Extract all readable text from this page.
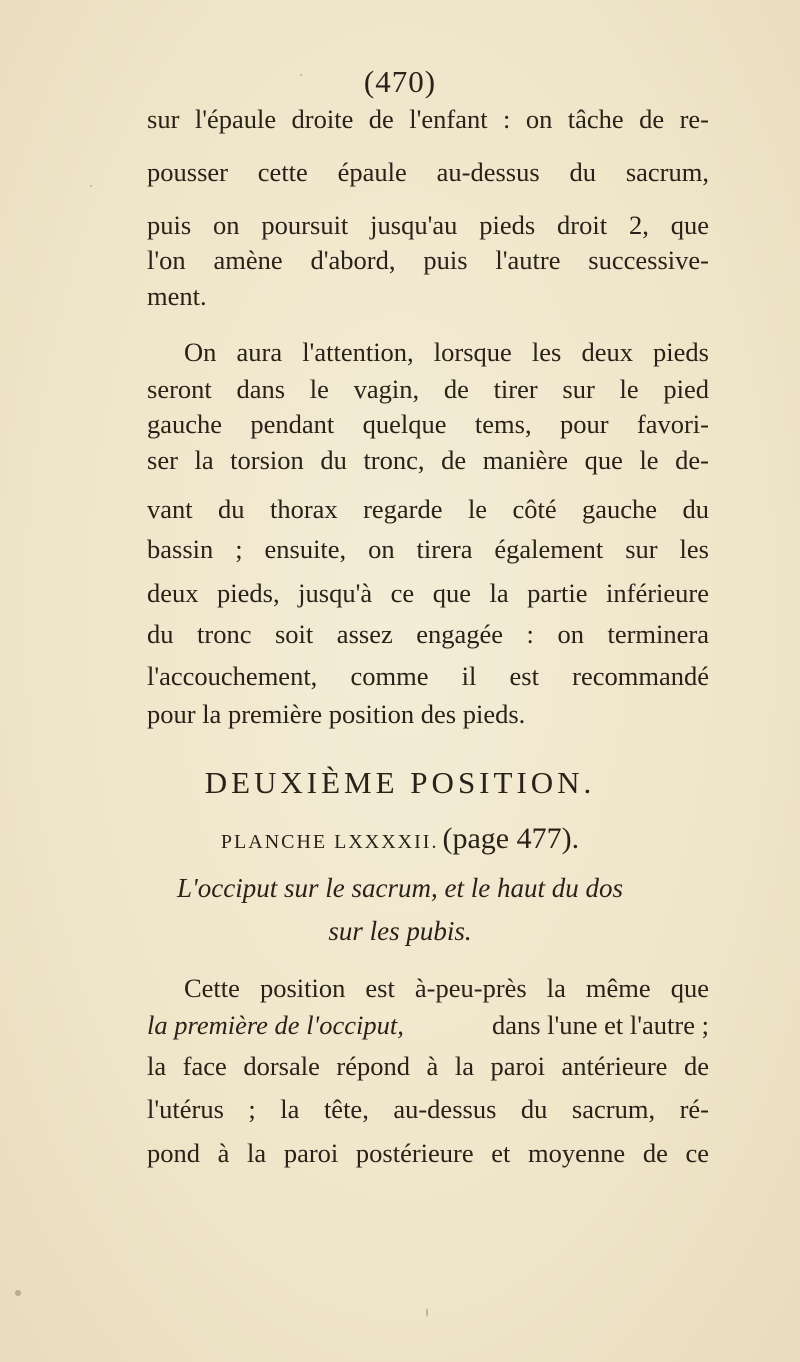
(470)
sur l'épaule droite de l'enfant : on tâche de re-
pousser cette épaule au-dessus du sacrum,
puis on poursuit jusqu'au pieds droit 2, que
l'on amène d'abord, puis l'autre successive-
ment.
On aura l'attention, lorsque les deux pieds
seront dans le vagin, de tirer sur le pied
gauche pendant quelque tems, pour favori-
ser la torsion du tronc, de manière que le de-
vant du thorax regarde le côté gauche du
bassin ; ensuite, on tirera également sur les
deux pieds, jusqu'à ce que la partie inférieure
du tronc soit assez engagée : on terminera
l'accouchement, comme il est recommandé
pour la première position des pieds.
DEUXIÈME POSITION.
PLANCHE LXXXXII. (page 477).
L'occiput sur le sacrum, et le haut du dos
sur les pubis.
Cette position est à-peu-près la même que
la première de l'occiput,	dans l'une et l'autre ;
la face dorsale répond à la paroi antérieure de
l'utérus ; la tête, au-dessus du sacrum, ré-
pond à la paroi postérieure et moyenne de ce
